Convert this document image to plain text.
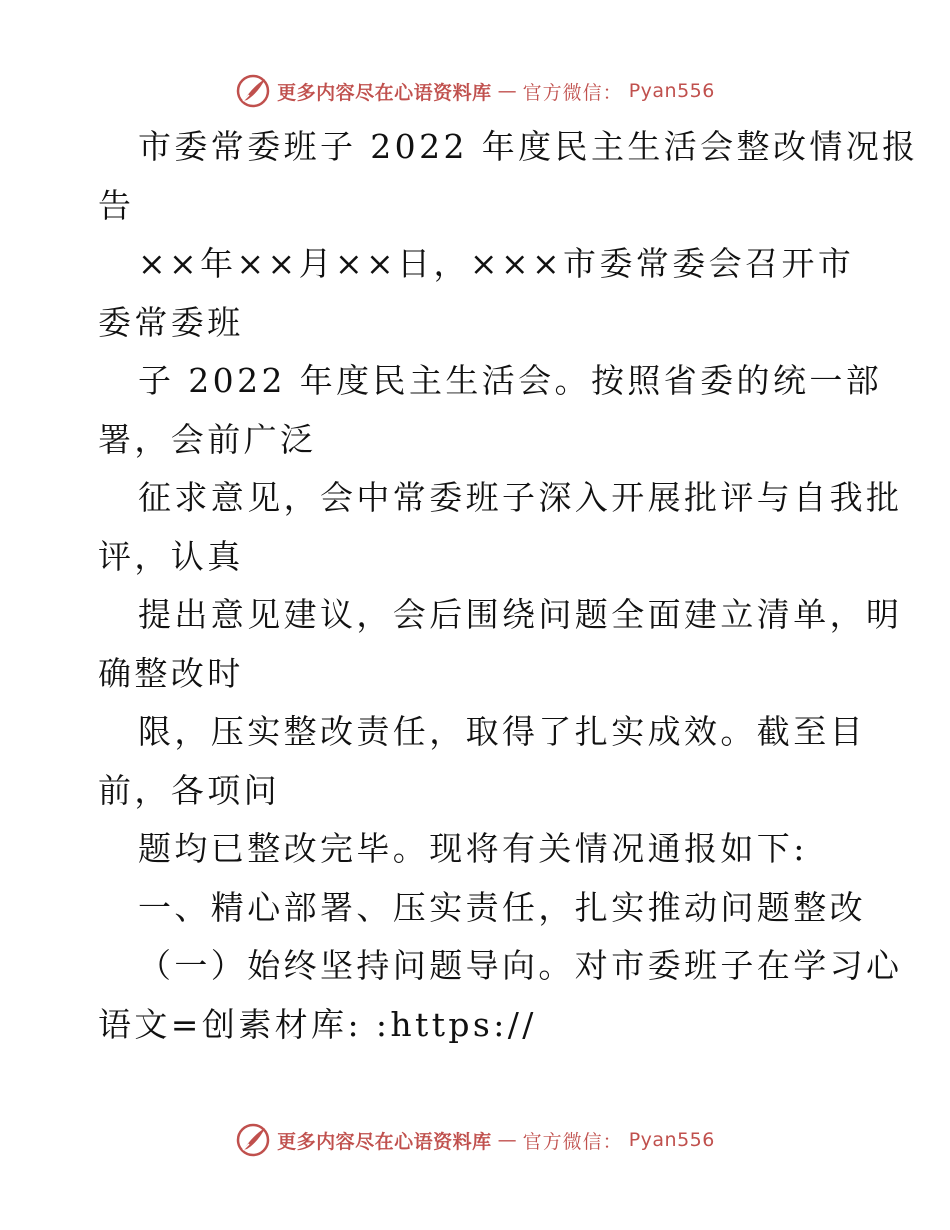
更多内容尽在心语资料库 — 官方微信： Pyan556
市委常委班子 2022 年度民主生活会整改情况报
告
××年××月××日，×××市委常委会召开市
委常委班
子 2022 年度民主生活会。按照省委的统一部
署，会前广泛
征求意见，会中常委班子深入开展批评与自我批
评，认真
提出意见建议，会后围绕问题全面建立清单，明
确整改时
限，压实整改责任，取得了扎实成效。截至目
前，各项问
题均已整改完毕。现将有关情况通报如下:
一、精心部署、压实责任，扎实推动问题整改
（一）始终坚持问题导向。对市委班子在学习心
语文=创素材库: :https://
更多内容尽在心语资料库 — 官方微信： Pyan556
